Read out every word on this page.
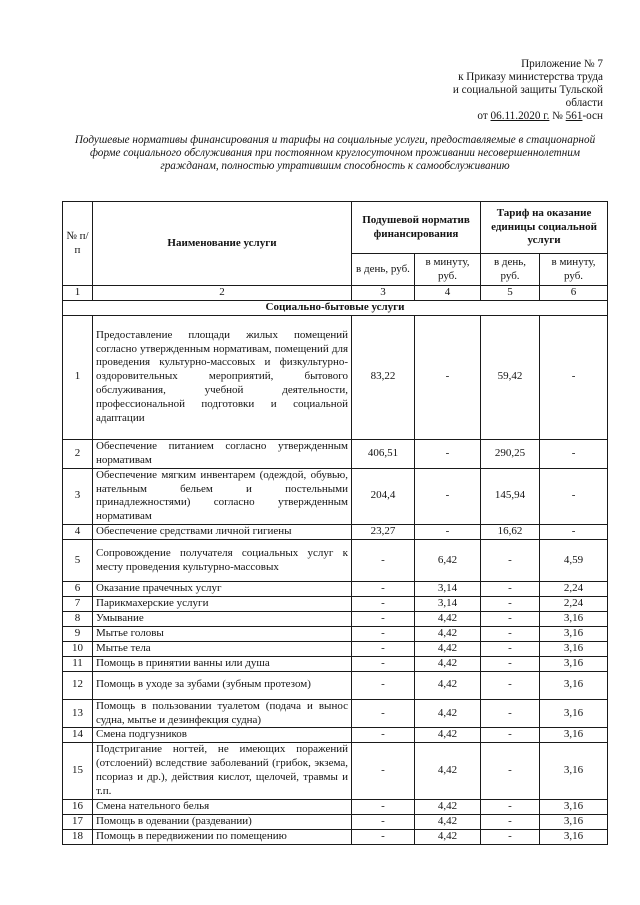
Приложение № 7
к Приказу министерства труда
и социальной защиты Тульской
области
от 06.11.2020 г. № 561-осн
Подушевые нормативы финансирования и тарифы на социальные услуги, предоставляемые в стационарной форме социального обслуживания при постоянном круглосуточном проживании несовершеннолетним гражданам, полностью утратившим способность к самообслуживанию
№ п/п	Наименование услуги	Подушевой норматив финансирования		Тариф на оказание единицы социальной услуги	
		в день, руб.	в минуту, руб.	в день, руб.	в минуту, руб.
1	2	3	4	5	6
Социально-бытовые услуги					
1	Предоставление площади жилых помещений согласно утвержденным нормативам, помещений для проведения культурно-массовых и физкультурно-оздоровительных мероприятий, бытового обслуживания, учебной деятельности, профессиональной подготовки и социальной адаптации	83,22	-	59,42	-
2	Обеспечение питанием согласно утвержденным нормативам	406,51	-	290,25	-
3	Обеспечение мягким инвентарем (одеждой, обувью, нательным бельем и постельными принадлежностями) согласно утвержденным нормативам	204,4	-	145,94	-
4	Обеспечение средствами личной гигиены	23,27	-	16,62	-
5	Сопровождение получателя социальных услуг к месту проведения культурно-массовых	-	6,42	-	4,59
6	Оказание прачечных услуг	-	3,14	-	2,24
7	Парикмахерские услуги	-	3,14	-	2,24
8	Умывание	-	4,42	-	3,16
9	Мытье головы	-	4,42	-	3,16
10	Мытье тела	-	4,42	-	3,16
11	Помощь в принятии ванны или душа	-	4,42	-	3,16
12	Помощь в уходе за зубами (зубным протезом)	-	4,42	-	3,16
13	Помощь в пользовании туалетом (подача и вынос судна, мытье и дезинфекция судна)	-	4,42	-	3,16
14	Смена подгузников	-	4,42	-	3,16
15	Подстригание ногтей, не имеющих поражений (отслоений) вследствие заболеваний (грибок, экзема, псориаз и др.), действия кислот, щелочей, травмы и т.п.	-	4,42	-	3,16
16	Смена нательного белья	-	4,42	-	3,16
17	Помощь в одевании (раздевании)	-	4,42	-	3,16
18	Помощь в передвижении по помещению	-	4,42	-	3,16
